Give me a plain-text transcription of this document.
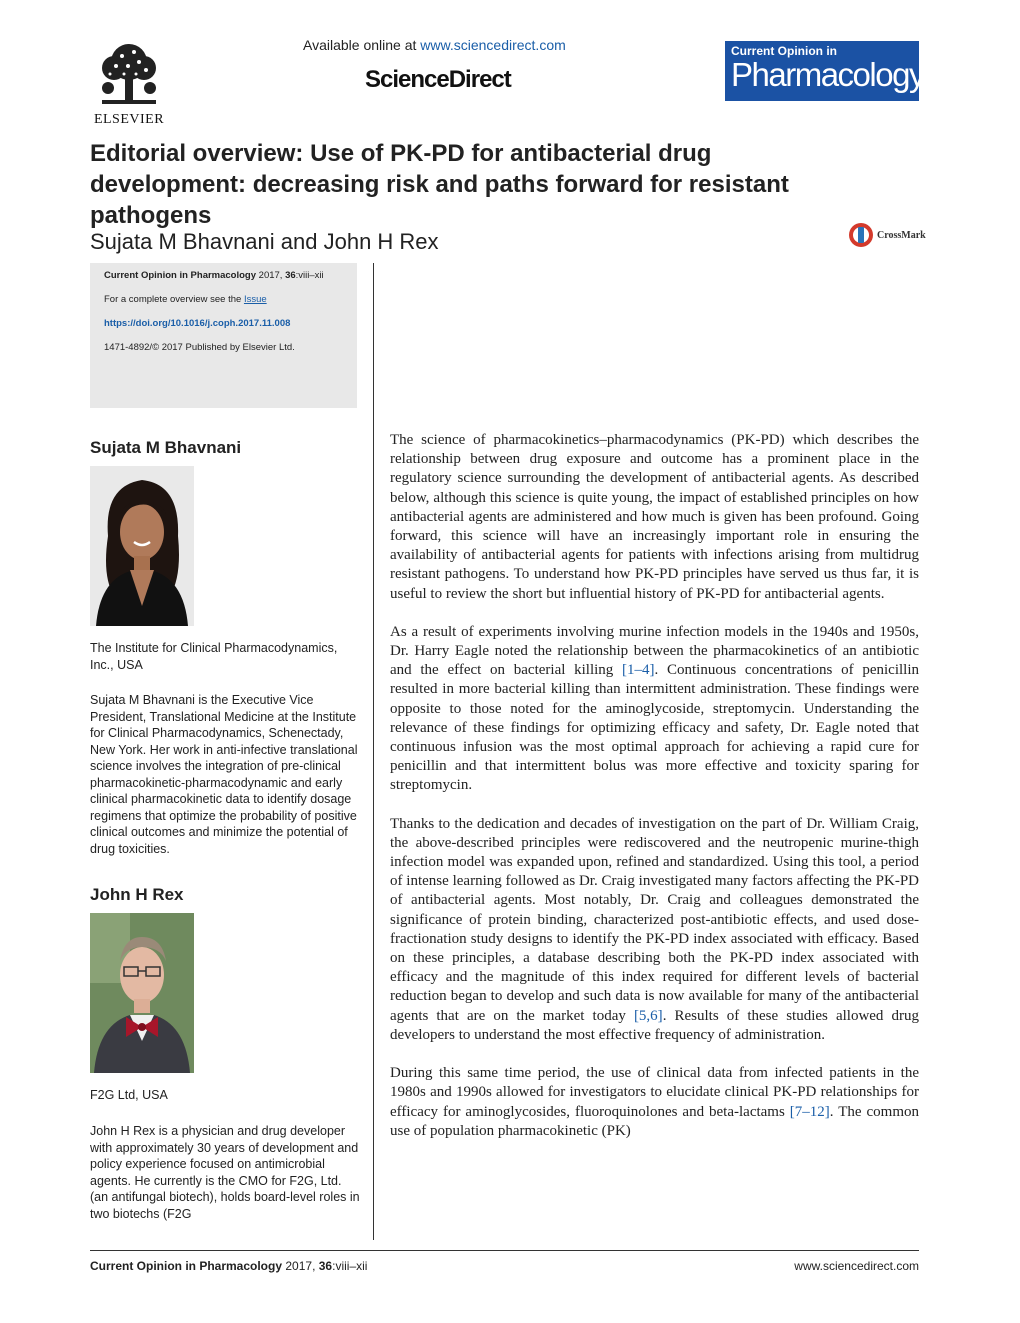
ELSEVIER
Available online at www.sciencedirect.com
ScienceDirect
Current Opinion in
Pharmacology
Editorial overview: Use of PK-PD for antibacterial drug development: decreasing risk and paths forward for resistant pathogens
Sujata M Bhavnani and John H Rex	CrossMark

Current Opinion in Pharmacology 2017, 36:viii–xii

For a complete overview see the Issue

https://doi.org/10.1016/j.coph.2017.11.008

1471-4892/© 2017 Published by Elsevier Ltd.

Sujata M Bhavnani
The Institute for Clinical Pharmacodynamics, Inc., USA
Sujata M Bhavnani is the Executive Vice President, Translational Medicine at the Institute for Clinical Pharmacodynamics, Schenectady, New York. Her work in anti-infective translational science involves the integration of pre-clinical pharmacokinetic-pharmacodynamic and early clinical pharmacokinetic data to identify dosage regimens that optimize the probability of positive clinical outcomes and minimize the potential of drug toxicities.
John H Rex
F2G Ltd, USA
John H Rex is a physician and drug developer with approximately 30 years of development and policy experience focused on antimicrobial agents. He currently is the CMO for F2G, Ltd. (an antifungal biotech), holds board-level roles in two biotechs (F2G

The science of pharmacokinetics–pharmacodynamics (PK-PD) which describes the relationship between drug exposure and outcome has a prominent place in the regulatory science surrounding the development of antibacterial agents. As described below, although this science is quite young, the impact of established principles on how antibacterial agents are administered and how much is given has been profound. Going forward, this science will have an increasingly important role in ensuring the availability of antibacterial agents for patients with infections arising from multidrug resistant pathogens. To understand how PK-PD principles have served us thus far, it is useful to review the short but influential history of PK-PD for antibacterial agents.

As a result of experiments involving murine infection models in the 1940s and 1950s, Dr. Harry Eagle noted the relationship between the pharmacokinetics of an antibiotic and the effect on bacterial killing [1–4]. Continuous concentrations of penicillin resulted in more bacterial killing than intermittent administration. These findings were opposite to those noted for the aminoglycoside, streptomycin. Understanding the relevance of these findings for optimizing efficacy and safety, Dr. Eagle noted that continuous infusion was the most optimal approach for achieving a rapid cure for penicillin and that intermittent bolus was more effective and toxicity sparing for streptomycin.

Thanks to the dedication and decades of investigation on the part of Dr. William Craig, the above-described principles were rediscovered and the neutropenic murine-thigh infection model was expanded upon, refined and standardized. Using this tool, a period of intense learning followed as Dr. Craig investigated many factors affecting the PK-PD of antibacterial agents. Most notably, Dr. Craig and colleagues demonstrated the significance of protein binding, characterized post-antibiotic effects, and used dose-fractionation study designs to identify the PK-PD index associated with efficacy. Based on these principles, a database describing both the PK-PD index associated with efficacy and the magnitude of this index required for different levels of bacterial reduction began to develop and such data is now available for many of the antibacterial agents that are on the market today [5,6]. Results of these studies allowed drug developers to understand the most effective frequency of administration.

During this same time period, the use of clinical data from infected patients in the 1980s and 1990s allowed for investigators to elucidate clinical PK-PD relationships for efficacy for aminoglycosides, fluoroquinolones and beta-lactams [7–12]. The common use of population pharmacokinetic (PK)

Current Opinion in Pharmacology 2017, 36:viii–xii	www.sciencedirect.com
